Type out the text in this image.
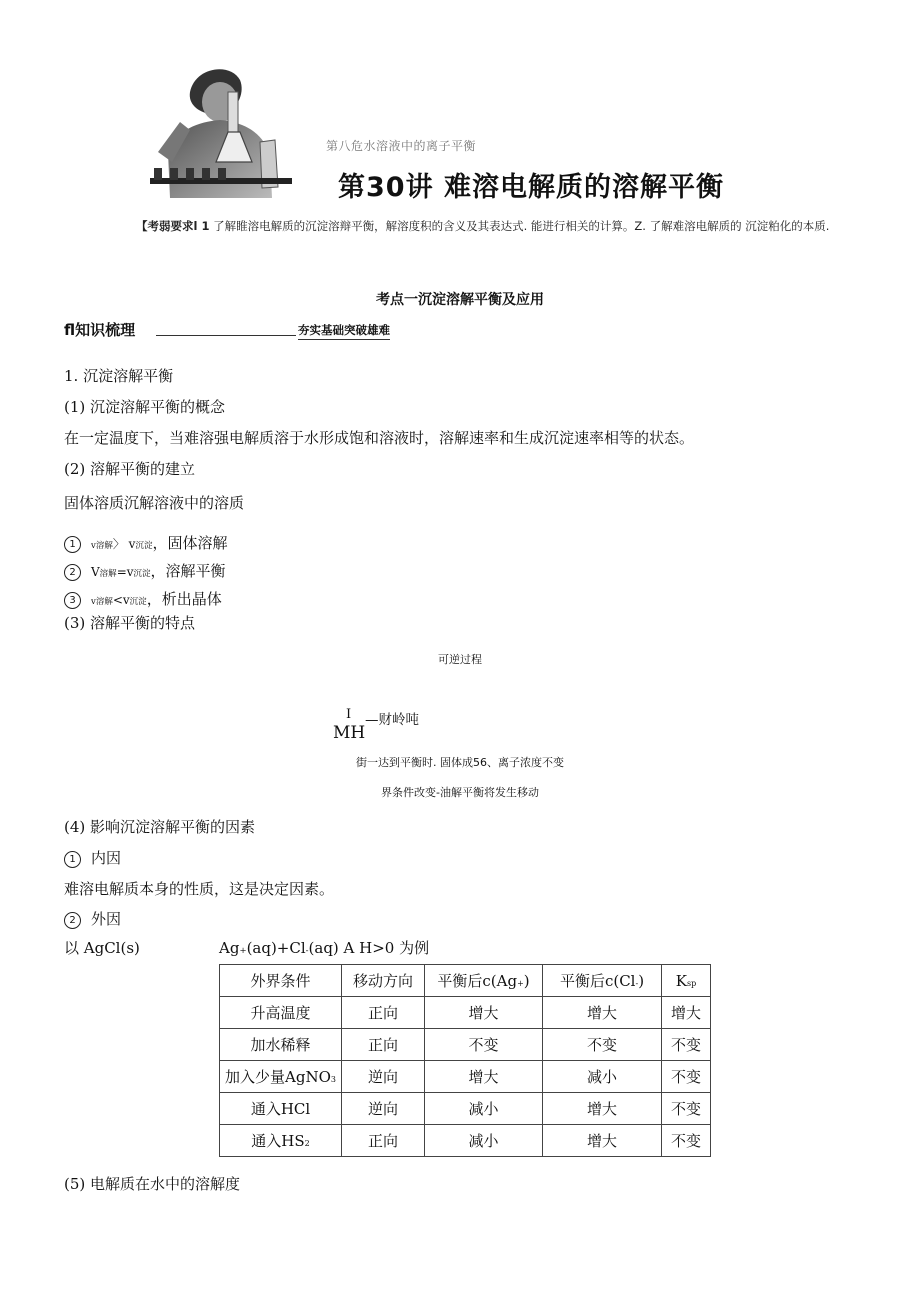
第八危水溶液中的离子平衡
第30讲 难溶电解质的溶解平衡
【考弱要求l 1 了解睢溶电解质的沉淀溶辩平衡，解溶度积的含义及其表达式. 能进行相关的计算。Z. 了解难溶电解质的 沉淀粕化的本质.
考点一沉淀溶解平衡及应用
fl知识梳理	夯实基础突破雄难
1. 沉淀溶解平衡
(1) 沉淀溶解平衡的概念
在一定温度下，当难溶强电解质溶于水形成饱和溶液时，溶解速率和生成沉淀速率相等的状态。
(2) 溶解平衡的建立
固体溶质沉解溶液中的溶质
1 v溶解〉 v沉淀，固体溶解
2 V溶解=v沉淀，溶解平衡
3 v溶解<v沉淀，析出晶体
(3) 溶解平衡的特点
可逆过程
I
MH
—财岭吨
街一达到平衡时. 固体成56、离子浓度不变
界条件改变-油解平衡将发生移动
(4) 影响沉淀溶解平衡的因素
1 内因
难溶电解质本身的性质，这是决定因素。
2 外因
以 AgCl(s)	Ag+(aq)+Cl-(aq) A H>0 为例
外界条件	移动方向	平衡后c(Ag+)	平衡后c(Cl-)	Ksp
升高温度	正向	增大	增大	增大
加水稀释	正向	不变	不变	不变
加入少量AgNO3	逆向	增大	减小	不变
通入HCl	逆向	减小	增大	不变
通入HS2	正向	减小	增大	不变
(5) 电解质在水中的溶解度
